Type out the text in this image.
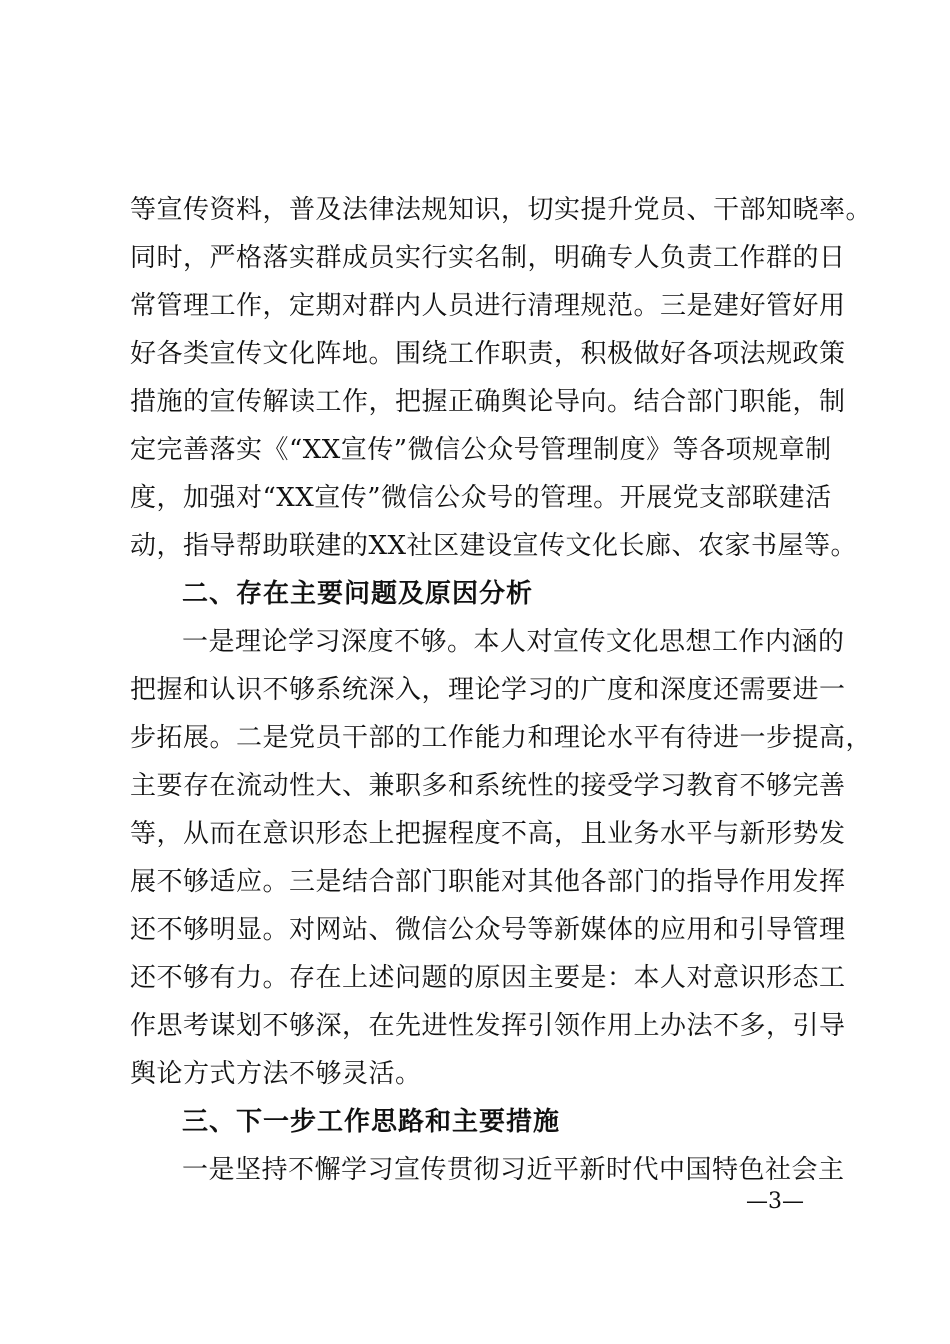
等宣传资料，普及法律法规知识，切实提升党员、干部知晓率。
同时，严格落实群成员实行实名制，明确专人负责工作群的日
常管理工作，定期对群内人员进行清理规范。三是建好管好用
好各类宣传文化阵地。围绕工作职责，积极做好各项法规政策
措施的宣传解读工作，把握正确舆论导向。结合部门职能，制
定完善落实《“XX宣传”微信公众号管理制度》等各项规章制
度，加强对“XX宣传”微信公众号的管理。开展党支部联建活
动，指导帮助联建的XX社区建设宣传文化长廊、农家书屋等。
二、存在主要问题及原因分析
一是理论学习深度不够。本人对宣传文化思想工作内涵的
把握和认识不够系统深入，理论学习的广度和深度还需要进一
步拓展。二是党员干部的工作能力和理论水平有待进一步提高，
主要存在流动性大、兼职多和系统性的接受学习教育不够完善
等，从而在意识形态上把握程度不高，且业务水平与新形势发
展不够适应。三是结合部门职能对其他各部门的指导作用发挥
还不够明显。对网站、微信公众号等新媒体的应用和引导管理
还不够有力。存在上述问题的原因主要是：本人对意识形态工
作思考谋划不够深，在先进性发挥引领作用上办法不多，引导
舆论方式方法不够灵活。
三、下一步工作思路和主要措施
一是坚持不懈学习宣传贯彻习近平新时代中国特色社会主
—3—
